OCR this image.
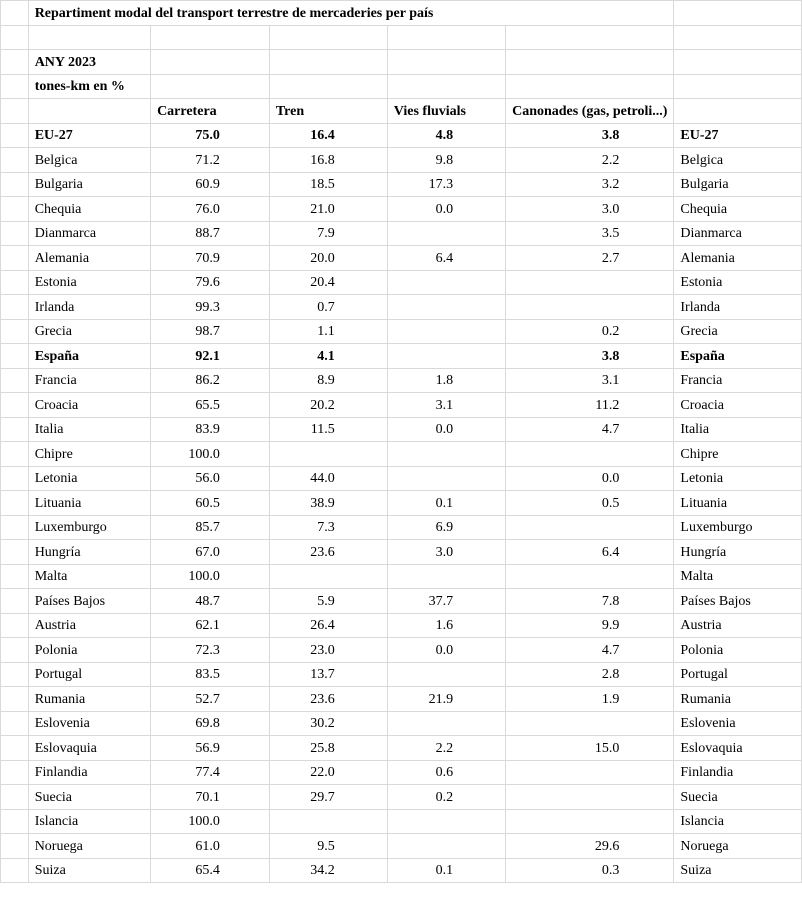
	Repartiment modal del transport terrestre de mercaderies per país					

	ANY 2023					
	tones-km en %					
		Carretera	Tren	Vies fluvials	Canonades (gas, petroli...)	
	EU-27	75.0	16.4	4.8	3.8	EU-27
	Belgica	71.2	16.8	9.8	2.2	Belgica
	Bulgaria	60.9	18.5	17.3	3.2	Bulgaria
	Chequia	76.0	21.0	0.0	3.0	Chequia
	Dianmarca	88.7	7.9		3.5	Dianmarca
	Alemania	70.9	20.0	6.4	2.7	Alemania
	Estonia	79.6	20.4			Estonia
	Irlanda	99.3	0.7			Irlanda
	Grecia	98.7	1.1		0.2	Grecia
	España	92.1	4.1		3.8	España
	Francia	86.2	8.9	1.8	3.1	Francia
	Croacia	65.5	20.2	3.1	11.2	Croacia
	Italia	83.9	11.5	0.0	4.7	Italia
	Chipre	100.0				Chipre
	Letonia	56.0	44.0		0.0	Letonia
	Lituania	60.5	38.9	0.1	0.5	Lituania
	Luxemburgo	85.7	7.3	6.9		Luxemburgo
	Hungría	67.0	23.6	3.0	6.4	Hungría
	Malta	100.0				Malta
	Países Bajos	48.7	5.9	37.7	7.8	Países Bajos
	Austria	62.1	26.4	1.6	9.9	Austria
	Polonia	72.3	23.0	0.0	4.7	Polonia
	Portugal	83.5	13.7		2.8	Portugal
	Rumania	52.7	23.6	21.9	1.9	Rumania
	Eslovenia	69.8	30.2			Eslovenia
	Eslovaquia	56.9	25.8	2.2	15.0	Eslovaquia
	Finlandia	77.4	22.0	0.6		Finlandia
	Suecia	70.1	29.7	0.2		Suecia
	Islancia	100.0				Islancia
	Noruega	61.0	9.5		29.6	Noruega
	Suiza	65.4	34.2	0.1	0.3	Suiza
